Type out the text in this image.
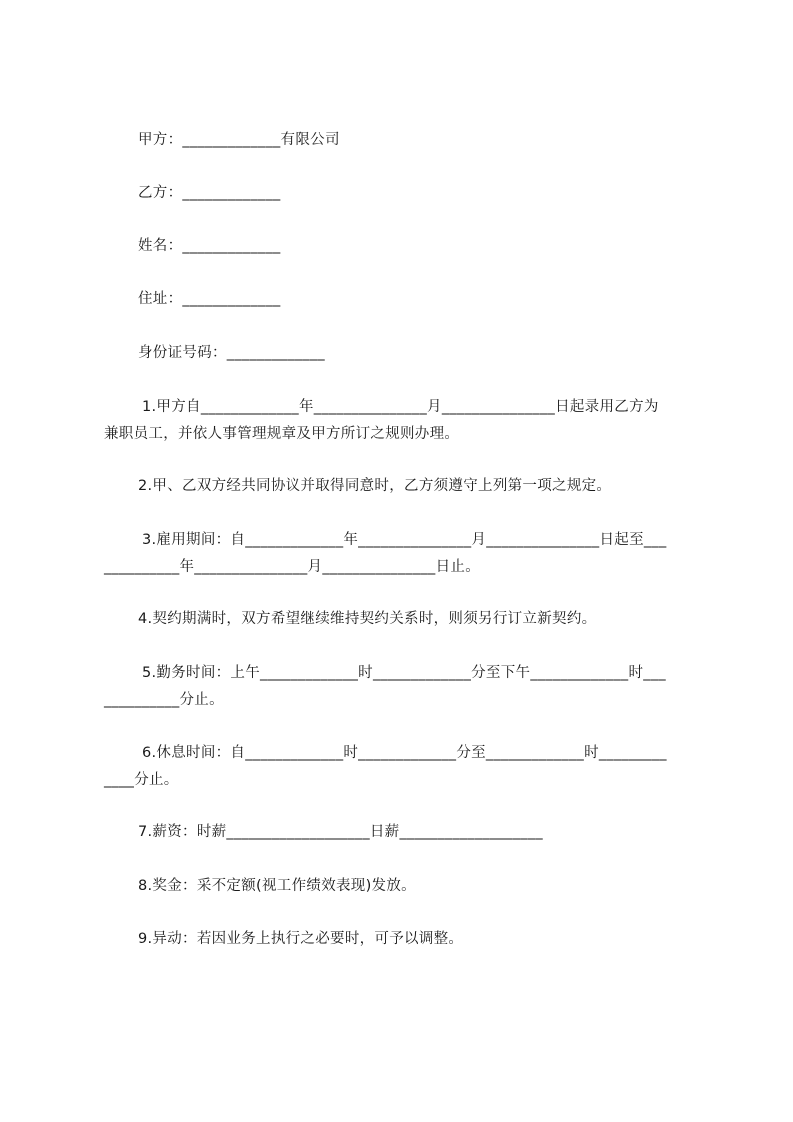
甲方：_____________有限公司
乙方：_____________
姓名：_____________
住址：_____________
身份证号码：_____________
1.甲方自_____________年_______________月_______________日起录用乙方为
兼职员工，并依人事管理规章及甲方所订之规则办理。
2.甲、乙双方经共同协议并取得同意时，乙方须遵守上列第一项之规定。
3.雇用期间：自_____________年_______________月_______________日起至___
__________年_______________月_______________日止。
4.契约期满时，双方希望继续维持契约关系时，则须另行订立新契约。
5.勤务时间：上午_____________时_____________分至下午_____________时___
__________分止。
6.休息时间：自_____________时_____________分至_____________时_________
____分止。
7.薪资：时薪___________________日薪___________________
8.奖金：采不定额(视工作绩效表现)发放。
9.异动：若因业务上执行之必要时，可予以调整。
